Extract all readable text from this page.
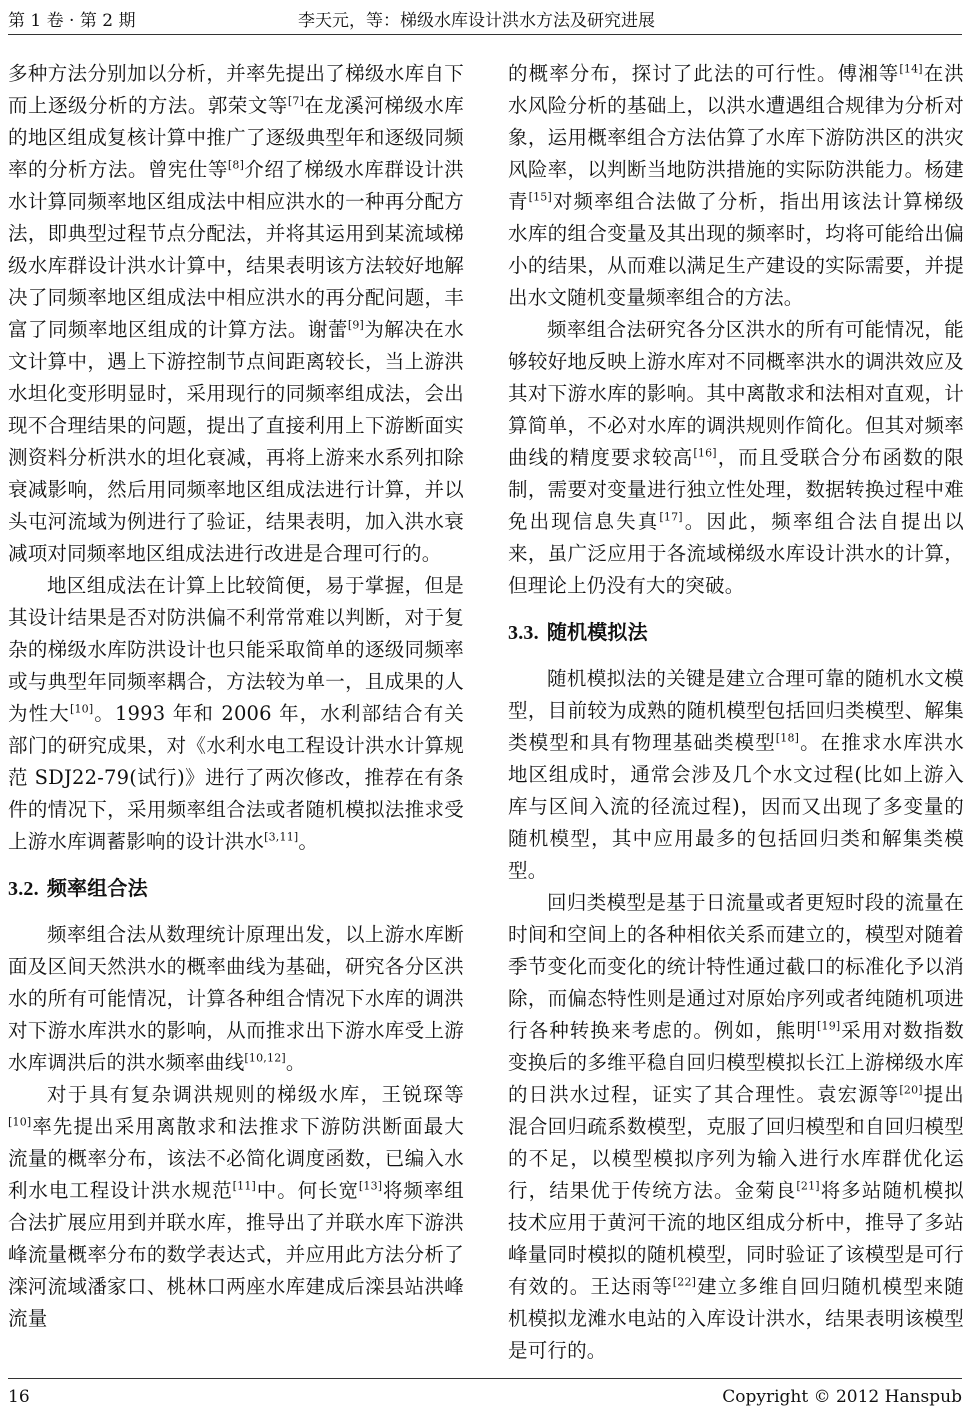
第 1 卷 · 第 2 期	李天元，等：梯级水库设计洪水方法及研究进展

多种方法分别加以分析，并率先提出了梯级水库自下而上逐级分析的方法。郭荣文等[7]在龙溪河梯级水库的地区组成复核计算中推广了逐级典型年和逐级同频率的分析方法。曾宪仕等[8]介绍了梯级水库群设计洪水计算同频率地区组成法中相应洪水的一种再分配方法，即典型过程节点分配法，并将其运用到某流域梯级水库群设计洪水计算中，结果表明该方法较好地解决了同频率地区组成法中相应洪水的再分配问题，丰富了同频率地区组成的计算方法。谢蕾[9]为解决在水文计算中，遇上下游控制节点间距离较长，当上游洪水坦化变形明显时，采用现行的同频率组成法，会出现不合理结果的问题，提出了直接利用上下游断面实测资料分析洪水的坦化衰减，再将上游来水系列扣除衰减影响，然后用同频率地区组成法进行计算，并以头屯河流域为例进行了验证，结果表明，加入洪水衰减项对同频率地区组成法进行改进是合理可行的。

地区组成法在计算上比较简便，易于掌握，但是其设计结果是否对防洪偏不利常常难以判断，对于复杂的梯级水库防洪设计也只能采取简单的逐级同频率或与典型年同频率耦合，方法较为单一，且成果的人为性大[10]。1993 年和 2006 年，水利部结合有关部门的研究成果，对《水利水电工程设计洪水计算规范 SDJ22-79(试行)》进行了两次修改，推荐在有条件的情况下，采用频率组合法或者随机模拟法推求受上游水库调蓄影响的设计洪水[3,11]。

3.2. 频率组合法

频率组合法从数理统计原理出发，以上游水库断面及区间天然洪水的概率曲线为基础，研究各分区洪水的所有可能情况，计算各种组合情况下水库的调洪对下游水库洪水的影响，从而推求出下游水库受上游水库调洪后的洪水频率曲线[10,12]。

对于具有复杂调洪规则的梯级水库，王锐琛等[10]率先提出采用离散求和法推求下游防洪断面最大流量的概率分布，该法不必简化调度函数，已编入水利水电工程设计洪水规范[11]中。何长宽[13]将频率组合法扩展应用到并联水库，推导出了并联水库下游洪峰流量概率分布的数学表达式，并应用此方法分析了滦河流域潘家口、桃林口两座水库建成后滦县站洪峰流量

的概率分布，探讨了此法的可行性。傅湘等[14]在洪水风险分析的基础上，以洪水遭遇组合规律为分析对象，运用概率组合方法估算了水库下游防洪区的洪灾风险率，以判断当地防洪措施的实际防洪能力。杨建青[15]对频率组合法做了分析，指出用该法计算梯级水库的组合变量及其出现的频率时，均将可能给出偏小的结果，从而难以满足生产建设的实际需要，并提出水文随机变量频率组合的方法。

频率组合法研究各分区洪水的所有可能情况，能够较好地反映上游水库对不同概率洪水的调洪效应及其对下游水库的影响。其中离散求和法相对直观，计算简单，不必对水库的调洪规则作简化。但其对频率曲线的精度要求较高[16]，而且受联合分布函数的限制，需要对变量进行独立性处理，数据转换过程中难免出现信息失真[17]。因此，频率组合法自提出以来，虽广泛应用于各流域梯级水库设计洪水的计算，但理论上仍没有大的突破。

3.3. 随机模拟法

随机模拟法的关键是建立合理可靠的随机水文模型，目前较为成熟的随机模型包括回归类模型、解集类模型和具有物理基础类模型[18]。在推求水库洪水地区组成时，通常会涉及几个水文过程(比如上游入库与区间入流的径流过程)，因而又出现了多变量的随机模型，其中应用最多的包括回归类和解集类模型。

回归类模型是基于日流量或者更短时段的流量在时间和空间上的各种相依关系而建立的，模型对随着季节变化而变化的统计特性通过截口的标准化予以消除，而偏态特性则是通过对原始序列或者纯随机项进行各种转换来考虑的。例如，熊明[19]采用对数指数变换后的多维平稳自回归模型模拟长江上游梯级水库的日洪水过程，证实了其合理性。袁宏源等[20]提出混合回归疏系数模型，克服了回归模型和自回归模型的不足，以模型模拟序列为输入进行水库群优化运行，结果优于传统方法。金菊良[21]将多站随机模拟技术应用于黄河干流的地区组成分析中，推导了多站峰量同时模拟的随机模型，同时验证了该模型是可行有效的。王达雨等[22]建立多维自回归随机模型来随机模拟龙滩水电站的入库设计洪水，结果表明该模型是可行的。

16	Copyright © 2012 Hanspub
